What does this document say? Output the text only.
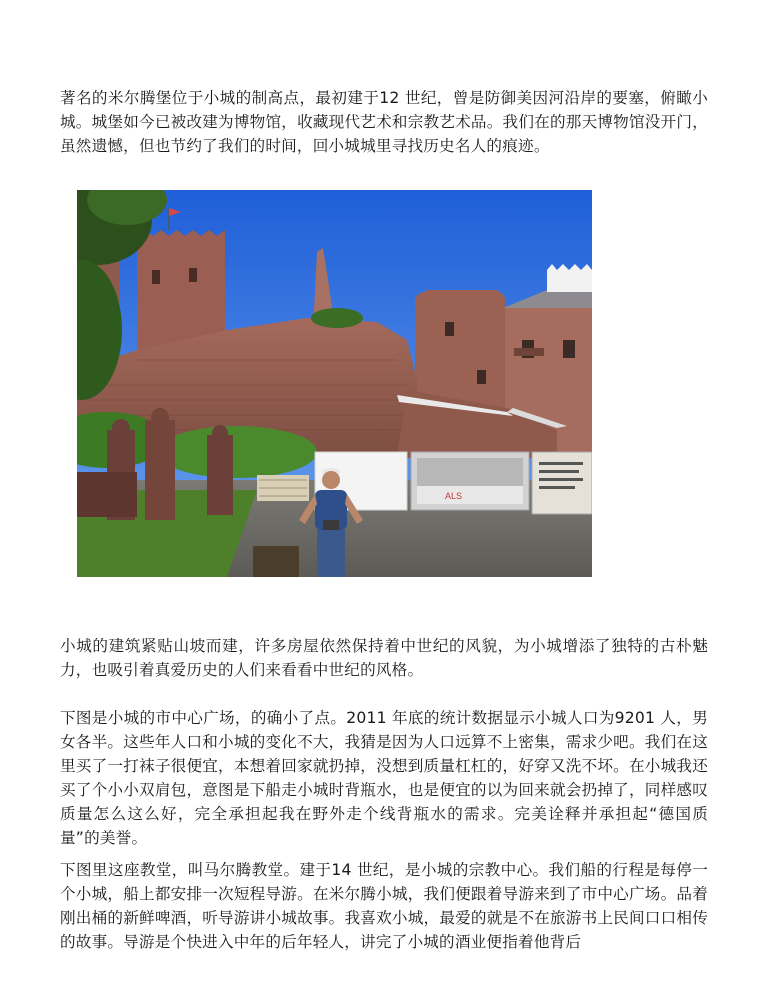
著名的米尔腾堡位于小城的制高点，最初建于12 世纪，曾是防御美因河沿岸的要塞，俯瞰小城。城堡如今已被改建为博物馆，收藏现代艺术和宗教艺术品。我们在的那天博物馆没开门，虽然遗憾，但也节约了我们的时间，回小城城里寻找历史名人的痕迹。

ALS

小城的建筑紧贴山坡而建，许多房屋依然保持着中世纪的风貌，为小城增添了独特的古朴魅力，也吸引着真爱历史的人们来看看中世纪的风格。

下图是小城的市中心广场，的确小了点。2011 年底的统计数据显示小城人口为9201 人，男女各半。这些年人口和小城的变化不大，我猜是因为人口远算不上密集，需求少吧。我们在这里买了一打袜子很便宜，本想着回家就扔掉，没想到质量杠杠的，好穿又洗不坏。在小城我还买了个小小双肩包，意图是下船走小城时背瓶水，也是便宜的以为回来就会扔掉了，同样感叹质量怎么这么好，完全承担起我在野外走个线背瓶水的需求。完美诠释并承担起“德国质量”的美誉。

下图里这座教堂，叫马尔腾教堂。建于14 世纪，是小城的宗教中心。我们船的行程是每停一个小城，船上都安排一次短程导游。在米尔腾小城，我们便跟着导游来到了市中心广场。品着刚出桶的新鲜啤酒，听导游讲小城故事。我喜欢小城，最爱的就是不在旅游书上民间口口相传的故事。导游是个快进入中年的后年轻人，讲完了小城的酒业便指着他背后
